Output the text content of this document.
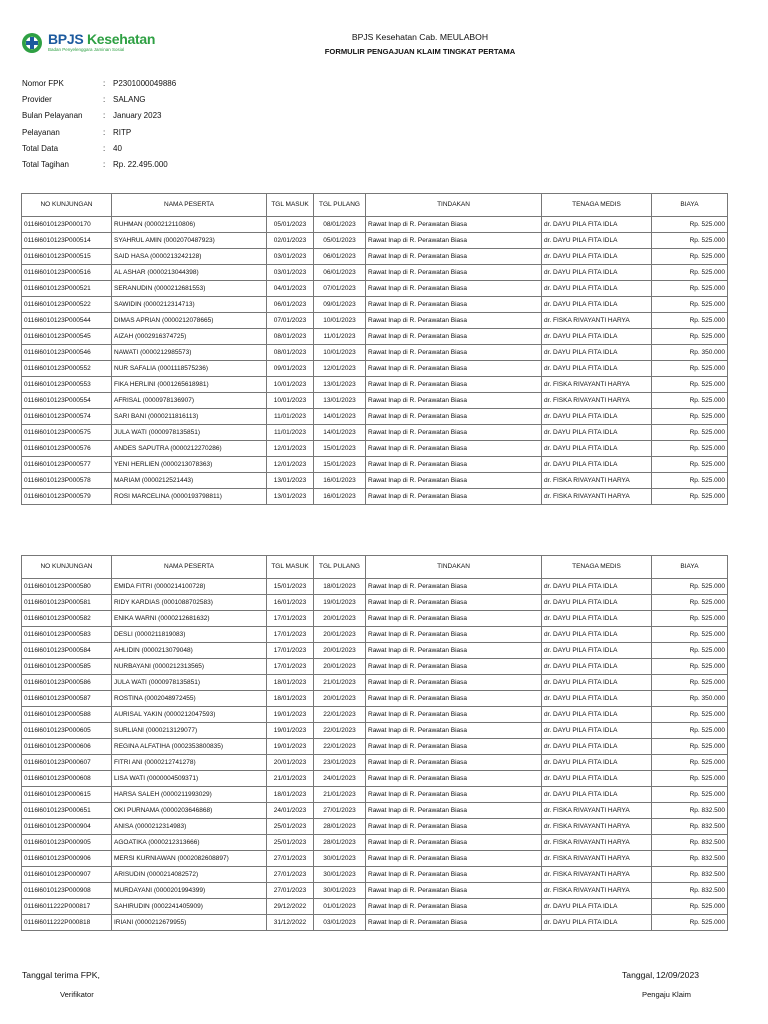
BPJS Kesehatan
Badan Penyelenggara Jaminan Sosial
BPJS Kesehatan Cab. MEULABOH
FORMULIR PENGAJUAN KLAIM TINGKAT PERTAMA
Nomor FPK	: P2301000049886
Provider	: SALANG
Bulan Pelayanan	: January 2023
Pelayanan	: RITP
Total Data	: 40
Total Tagihan	: Rp. 22.495.000
NO KUNJUNGAN	NAMA PESERTA	TGL MASUK	TGL PULANG	TINDAKAN	TENAGA MEDIS	BIAYA
0116l6010123P000170	RUHMAN (0000212110806)	05/01/2023	08/01/2023	Rawat Inap di R. Perawatan Biasa	dr. DAYU PILA FITA IDLA	Rp. 525.000
0116l6010123P000514	SYAHRUL AMIN (0002070487923)	02/01/2023	05/01/2023	Rawat Inap di R. Perawatan Biasa	dr. DAYU PILA FITA IDLA	Rp. 525.000
0116l6010123P000515	SAID HASA (0000213242128)	03/01/2023	06/01/2023	Rawat Inap di R. Perawatan Biasa	dr. DAYU PILA FITA IDLA	Rp. 525.000
0116l6010123P000516	AL ASHAR (0000213044398)	03/01/2023	06/01/2023	Rawat Inap di R. Perawatan Biasa	dr. DAYU PILA FITA IDLA	Rp. 525.000
0116l6010123P000521	SERANUDIN (0000212681553)	04/01/2023	07/01/2023	Rawat Inap di R. Perawatan Biasa	dr. DAYU PILA FITA IDLA	Rp. 525.000
0116l6010123P000522	SAWIDIN (0000212314713)	06/01/2023	09/01/2023	Rawat Inap di R. Perawatan Biasa	dr. DAYU PILA FITA IDLA	Rp. 525.000
0116l6010123P000544	DIMAS APRIAN (0000212078665)	07/01/2023	10/01/2023	Rawat Inap di R. Perawatan Biasa	dr. FISKA RIVAYANTI HARYA	Rp. 525.000
0116l6010123P000545	AIZAH (0002916374725)	08/01/2023	11/01/2023	Rawat Inap di R. Perawatan Biasa	dr. DAYU PILA FITA IDLA	Rp. 525.000
0116l6010123P000546	NAWATI (0000212985573)	08/01/2023	10/01/2023	Rawat Inap di R. Perawatan Biasa	dr. DAYU PILA FITA IDLA	Rp. 350.000
0116l6010123P000552	NUR SAFALIA (0001118575236)	09/01/2023	12/01/2023	Rawat Inap di R. Perawatan Biasa	dr. DAYU PILA FITA IDLA	Rp. 525.000
0116l6010123P000553	FIKA HERLINI (0001265618981)	10/01/2023	13/01/2023	Rawat Inap di R. Perawatan Biasa	dr. FISKA RIVAYANTI HARYA	Rp. 525.000
0116l6010123P000554	AFRISAL (0000978136907)	10/01/2023	13/01/2023	Rawat Inap di R. Perawatan Biasa	dr. FISKA RIVAYANTI HARYA	Rp. 525.000
0116l6010123P000574	SARI BANI (0000211816113)	11/01/2023	14/01/2023	Rawat Inap di R. Perawatan Biasa	dr. DAYU PILA FITA IDLA	Rp. 525.000
0116l6010123P000575	JULA WATI (0000978135851)	11/01/2023	14/01/2023	Rawat Inap di R. Perawatan Biasa	dr. DAYU PILA FITA IDLA	Rp. 525.000
0116l6010123P000576	ANDES SAPUTRA (0000212270286)	12/01/2023	15/01/2023	Rawat Inap di R. Perawatan Biasa	dr. DAYU PILA FITA IDLA	Rp. 525.000
0116l6010123P000577	YENI HERLIEN (0000213078363)	12/01/2023	15/01/2023	Rawat Inap di R. Perawatan Biasa	dr. DAYU PILA FITA IDLA	Rp. 525.000
0116l6010123P000578	MARIAM (0000212521443)	13/01/2023	16/01/2023	Rawat Inap di R. Perawatan Biasa	dr. FISKA RIVAYANTI HARYA	Rp. 525.000
0116l6010123P000579	ROSI MARCELINA (0000193798811)	13/01/2023	16/01/2023	Rawat Inap di R. Perawatan Biasa	dr. FISKA RIVAYANTI HARYA	Rp. 525.000
NO KUNJUNGAN	NAMA PESERTA	TGL MASUK	TGL PULANG	TINDAKAN	TENAGA MEDIS	BIAYA
0116l6010123P000580	EMIDA FITRI (0000214100728)	15/01/2023	18/01/2023	Rawat Inap di R. Perawatan Biasa	dr. DAYU PILA FITA IDLA	Rp. 525.000
0116l6010123P000581	RIDY KARDIAS (0001088702583)	16/01/2023	19/01/2023	Rawat Inap di R. Perawatan Biasa	dr. DAYU PILA FITA IDLA	Rp. 525.000
0116l6010123P000582	ENIKA WARNI (0000212681632)	17/01/2023	20/01/2023	Rawat Inap di R. Perawatan Biasa	dr. DAYU PILA FITA IDLA	Rp. 525.000
0116l6010123P000583	DESLI (0000211819083)	17/01/2023	20/01/2023	Rawat Inap di R. Perawatan Biasa	dr. DAYU PILA FITA IDLA	Rp. 525.000
0116l6010123P000584	AHLIDIN (0000213079048)	17/01/2023	20/01/2023	Rawat Inap di R. Perawatan Biasa	dr. DAYU PILA FITA IDLA	Rp. 525.000
0116l6010123P000585	NURBAYANI (0000212313565)	17/01/2023	20/01/2023	Rawat Inap di R. Perawatan Biasa	dr. DAYU PILA FITA IDLA	Rp. 525.000
0116l6010123P000586	JULA WATI (0000978135851)	18/01/2023	21/01/2023	Rawat Inap di R. Perawatan Biasa	dr. DAYU PILA FITA IDLA	Rp. 525.000
0116l6010123P000587	ROSTINA (0002048972455)	18/01/2023	20/01/2023	Rawat Inap di R. Perawatan Biasa	dr. DAYU PILA FITA IDLA	Rp. 350.000
0116l6010123P000588	AURISAL YAKIN (0000212047593)	19/01/2023	22/01/2023	Rawat Inap di R. Perawatan Biasa	dr. DAYU PILA FITA IDLA	Rp. 525.000
0116l6010123P000605	SURLIANI (0000213129077)	19/01/2023	22/01/2023	Rawat Inap di R. Perawatan Biasa	dr. DAYU PILA FITA IDLA	Rp. 525.000
0116l6010123P000606	REGINA ALFATIHA (0002353800835)	19/01/2023	22/01/2023	Rawat Inap di R. Perawatan Biasa	dr. DAYU PILA FITA IDLA	Rp. 525.000
0116l6010123P000607	FITRI ANI (0000212741278)	20/01/2023	23/01/2023	Rawat Inap di R. Perawatan Biasa	dr. DAYU PILA FITA IDLA	Rp. 525.000
0116l6010123P000608	LISA WATI (0000004509371)	21/01/2023	24/01/2023	Rawat Inap di R. Perawatan Biasa	dr. DAYU PILA FITA IDLA	Rp. 525.000
0116l6010123P000615	HARSA SALEH (0000211993029)	18/01/2023	21/01/2023	Rawat Inap di R. Perawatan Biasa	dr. DAYU PILA FITA IDLA	Rp. 525.000
0116l6010123P000651	OKI PURNAMA (0000203646868)	24/01/2023	27/01/2023	Rawat Inap di R. Perawatan Biasa	dr. FISKA RIVAYANTI HARYA	Rp. 832.500
0116l6010123P000904	ANISA (0000212314983)	25/01/2023	28/01/2023	Rawat Inap di R. Perawatan Biasa	dr. FISKA RIVAYANTI HARYA	Rp. 832.500
0116l6010123P000905	AGOATIKA (0000212313666)	25/01/2023	28/01/2023	Rawat Inap di R. Perawatan Biasa	dr. FISKA RIVAYANTI HARYA	Rp. 832.500
0116l6010123P000906	MERSI KURNIAWAN (0002082608897)	27/01/2023	30/01/2023	Rawat Inap di R. Perawatan Biasa	dr. FISKA RIVAYANTI HARYA	Rp. 832.500
0116l6010123P000907	ARISUDIN (0000214082572)	27/01/2023	30/01/2023	Rawat Inap di R. Perawatan Biasa	dr. FISKA RIVAYANTI HARYA	Rp. 832.500
0116l6010123P000908	MURDAYANI (0000201994399)	27/01/2023	30/01/2023	Rawat Inap di R. Perawatan Biasa	dr. FISKA RIVAYANTI HARYA	Rp. 832.500
0116l6011222P000817	SAHIRUDIN (0002241405909)	29/12/2022	01/01/2023	Rawat Inap di R. Perawatan Biasa	dr. DAYU PILA FITA IDLA	Rp. 525.000
0116l6011222P000818	IRIANI (0000212679955)	31/12/2022	03/01/2023	Rawat Inap di R. Perawatan Biasa	dr. DAYU PILA FITA IDLA	Rp. 525.000
Tanggal terima FPK,
Verifikator
Tanggal, 12/09/2023
Pengaju Klaim
